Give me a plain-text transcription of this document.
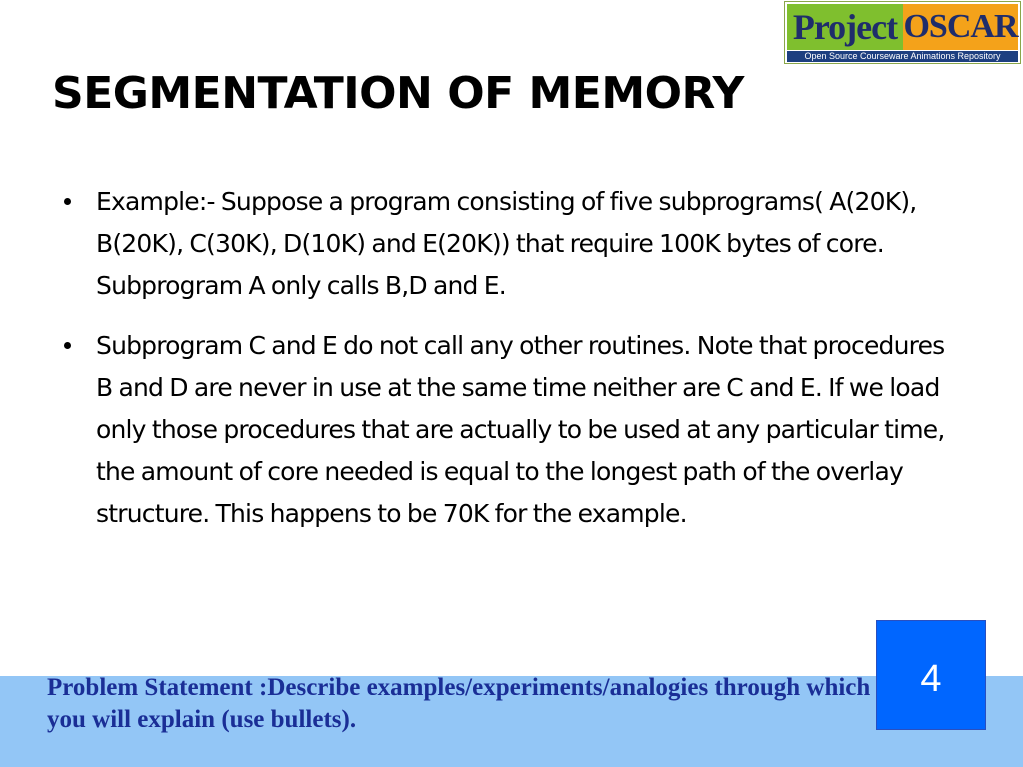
Project OSCAR
Open Source Courseware Animations Repository
SEGMENTATION OF MEMORY
Example:- Suppose a program consisting of five subprograms( A(20K), B(20K), C(30K), D(10K) and E(20K)) that require 100K bytes of core. Subprogram A only calls B,D and E.
Subprogram C and E do not call any other routines. Note that procedures B and D are never in use at the same time neither are C and E. If we load only those procedures that are actually to be used at any particular time, the amount of core needed is equal to the longest path of the overlay structure. This happens to be 70K for the example.

Problem Statement :Describe examples/experiments/analogies through which you will explain (use bullets).

4
